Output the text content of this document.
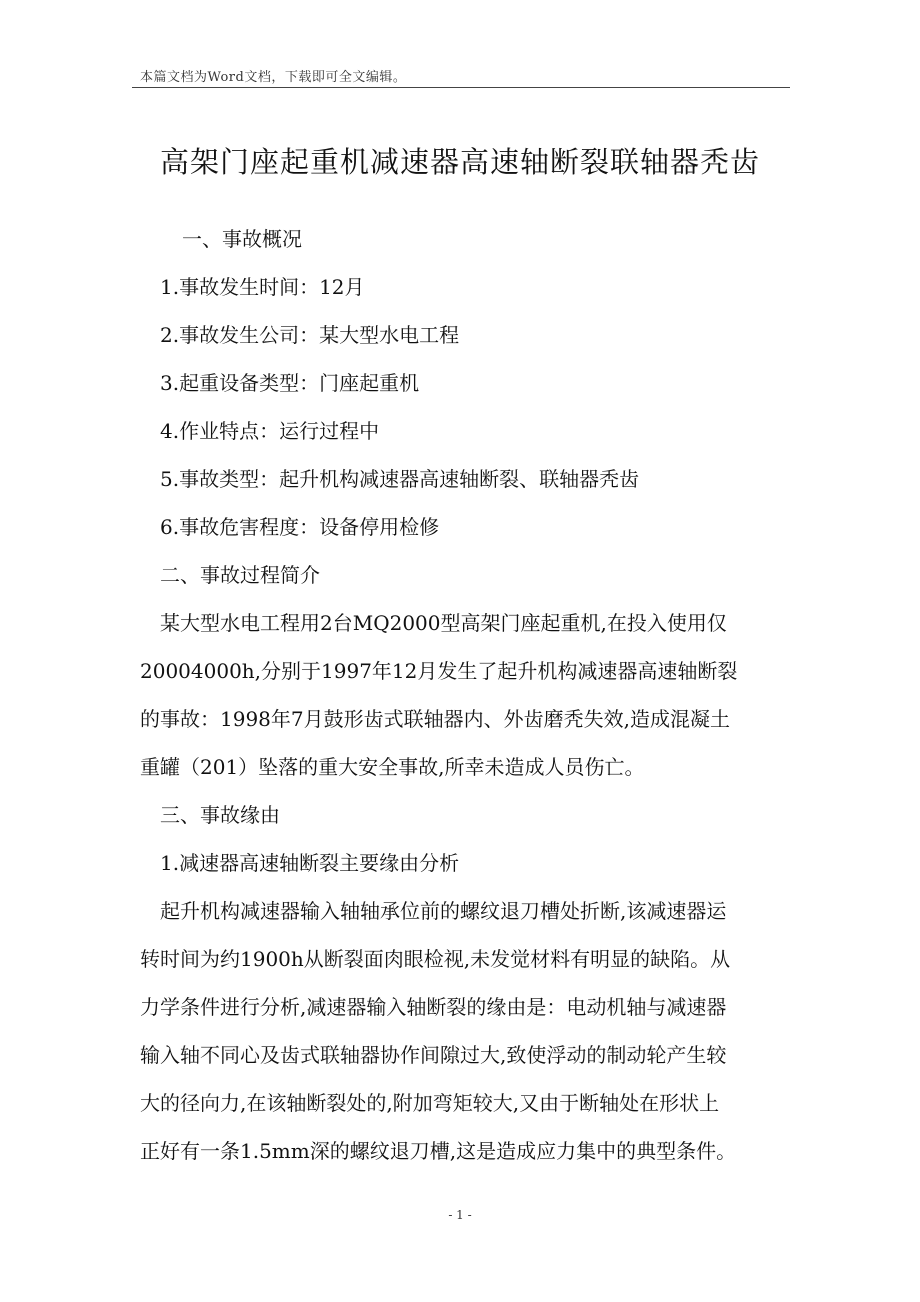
本篇文档为Word文档，下载即可全文编辑。
高架门座起重机减速器高速轴断裂联轴器秃齿
一、事故概况
1.事故发生时间：12月
2.事故发生公司：某大型水电工程
3.起重设备类型：门座起重机
4.作业特点：运行过程中
5.事故类型：起升机构减速器高速轴断裂、联轴器秃齿
6.事故危害程度：设备停用检修
二、事故过程简介
某大型水电工程用2台MQ2000型高架门座起重机,在投入使用仅
20004000h,分别于1997年12月发生了起升机构减速器高速轴断裂
的事故：1998年7月鼓形齿式联轴器内、外齿磨秃失效,造成混凝土
重罐（201）坠落的重大安全事故,所幸未造成人员伤亡。
三、事故缘由
1.减速器高速轴断裂主要缘由分析
起升机构减速器输入轴轴承位前的螺纹退刀槽处折断,该减速器运
转时间为约1900h从断裂面肉眼检视,未发觉材料有明显的缺陷。从
力学条件进行分析,减速器输入轴断裂的缘由是：电动机轴与减速器
输入轴不同心及齿式联轴器协作间隙过大,致使浮动的制动轮产生较
大的径向力,在该轴断裂处的,附加弯矩较大,又由于断轴处在形状上
正好有一条1.5mm深的螺纹退刀槽,这是造成应力集中的典型条件。
- 1 -
